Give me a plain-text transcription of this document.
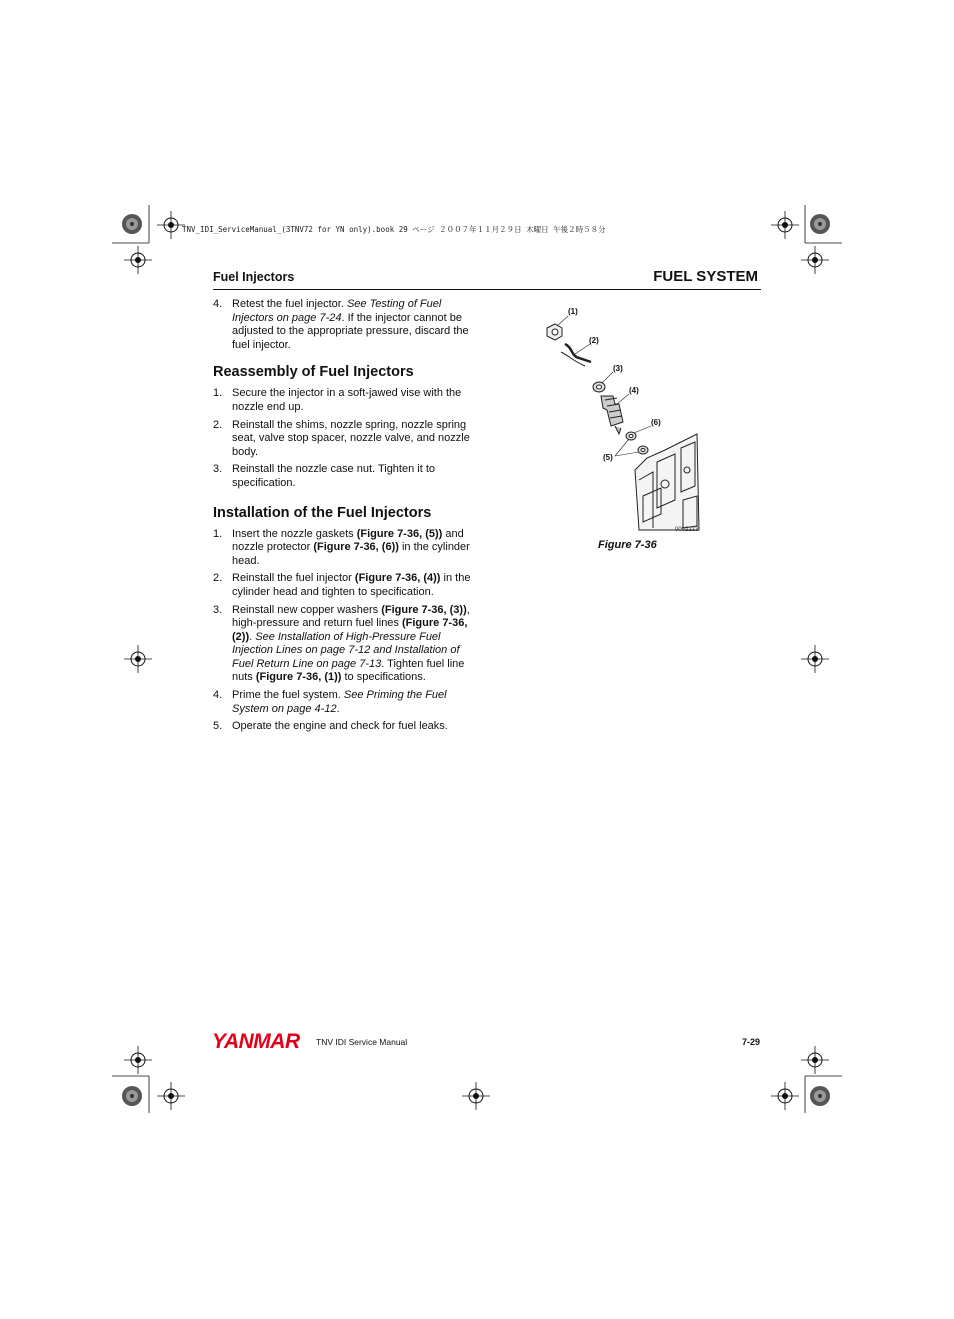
TNV_IDI_ServiceManual_(3TNV72 for YN only).book 29 ページ ２００７年１１月２９日 木曜日 午後２時５８分
Fuel Injectors	FUEL SYSTEM
4. Retest the fuel injector. See Testing of Fuel Injectors on page 7-24. If the injector cannot be adjusted to the appropriate pressure, discard the fuel injector.
Reassembly of Fuel Injectors
1. Secure the injector in a soft-jawed vise with the nozzle end up.
2. Reinstall the shims, nozzle spring, nozzle spring seat, valve stop spacer, nozzle valve, and nozzle body.
3. Reinstall the nozzle case nut. Tighten it to specification.
Installation of the Fuel Injectors
1. Insert the nozzle gaskets (Figure 7-36, (5)) and nozzle protector (Figure 7-36, (6)) in the cylinder head.
2. Reinstall the fuel injector (Figure 7-36, (4)) in the cylinder head and tighten to specification.
3. Reinstall new copper washers (Figure 7-36, (3)), high-pressure and return fuel lines (Figure 7-36, (2)). See Installation of High-Pressure Fuel Injection Lines on page 7-12 and Installation of Fuel Return Line on page 7-13. Tighten fuel line nuts (Figure 7-36, (1)) to specifications.
4. Prime the fuel system. See Priming the Fuel System on page 4-12.
5. Operate the engine and check for fuel leaks.
(1)
(2)
(3)
(4)
(6)
(5)
0002213
Figure 7-36
YANMAR TNV IDI Service Manual	7-29
